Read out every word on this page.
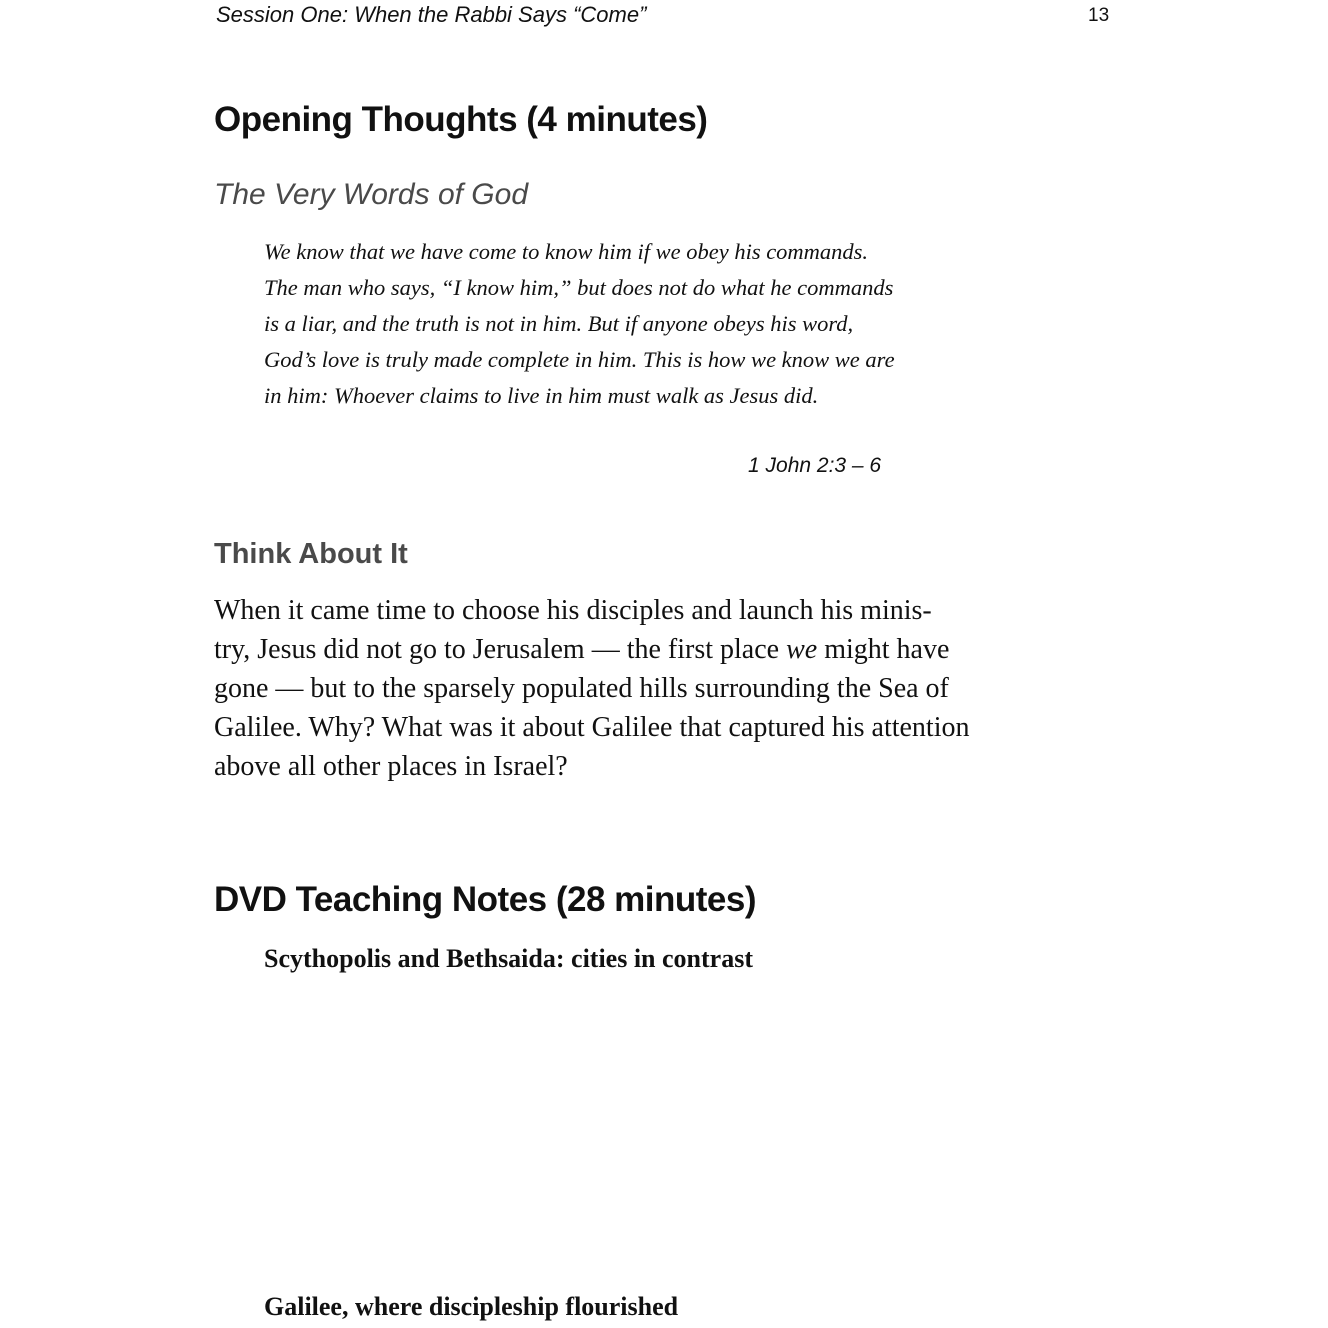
Session One: When the Rabbi Says “Come”	13
Opening Thoughts (4 minutes)
The Very Words of God
We know that we have come to know him if we obey his commands.
The man who says, “I know him,” but does not do what he commands
is a liar, and the truth is not in him. But if anyone obeys his word,
God’s love is truly made complete in him. This is how we know we are
in him: Whoever claims to live in him must walk as Jesus did.
1 John 2:3 – 6
Think About It
When it came time to choose his disciples and launch his minis-
try, Jesus did not go to Jerusalem — the first place we might have
gone — but to the sparsely populated hills surrounding the Sea of
Galilee. Why? What was it about Galilee that captured his attention
above all other places in Israel?
DVD Teaching Notes (28 minutes)
Scythopolis and Bethsaida: cities in contrast
Galilee, where discipleship flourished
